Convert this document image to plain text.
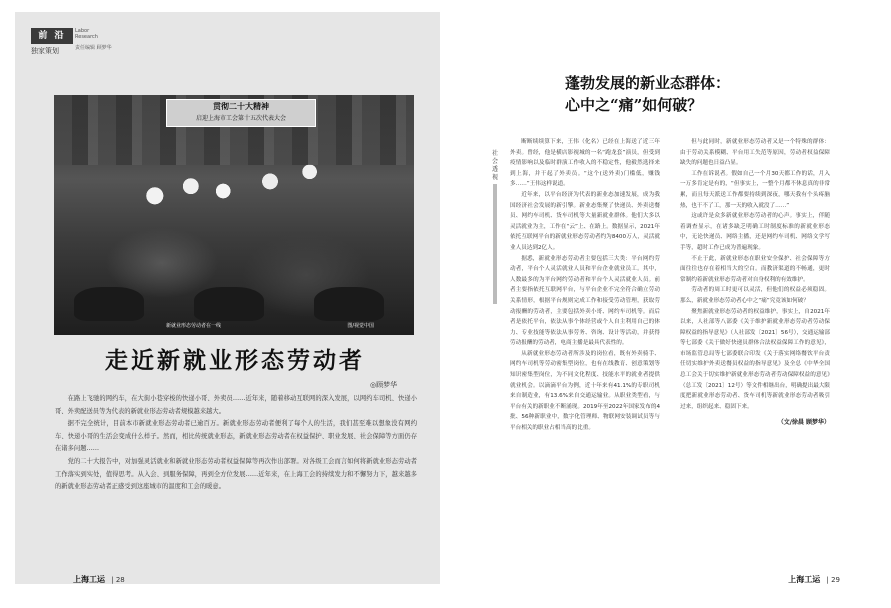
前 沿
独家策划
Labor Research
责任编辑 顾梦华
贯彻二十大精神
启迎上海市工会第十五次代表大会
新就业形态劳动者在一线	图/视觉中国
走近新就业形态劳动者
◎顾梦华

在路上飞驰的网约车，在大街小巷穿梭的快递小哥、外卖员……近年来，随着移动互联网的深入发展，以网约车司机、快递小哥、外卖配送员等为代表的新就业形态劳动者规模越来越大。

据不完全统计，目前本市新就业形态劳动者已逾百万。新就业形态劳动者便利了每个人的生活，我们甚至难以想象没有网约车、快递小哥的生活会变成什么样子。然而，相比传统就业形态，新就业形态劳动者在权益保护、职业发展、社会保障等方面仍存在诸多问题……

党的二十大报告中，对加强灵活就业和新就业形态劳动者权益保障等再次作出部署。对各级工会而言如何将新就业形态劳动者工作落实到实处，值得思考。从入会、到服务保障，再到全方位发展……近年来，在上海工会的持续发力和不懈努力下，越来越多的新就业形态劳动者正感受到这座城市的温度和工会的暖意。

上海工运 | 28
蓬勃发展的新业态群体：
心中之“痛”如何破？
社会透视

断断续续算下来，王伟（化名）已经在上海送了近三年外卖。曾经，他是横店影视城的一名“跑龙套”演员，但受到疫情影响以及临时群演工作收入的不稳定性，他毅然选择来到上海，并干起了外卖员。“这个(送外卖)门槛低，赚钱多……”王伟这样说道。

近年来，以平台经济为代表的新业态加速发展，成为我国经济社会发展的新引擎。新业态集聚了快递员、外卖送餐员、网约车司机、货车司机等大量新就业群体。他们大多以灵活就业为主，工作在“云”上、在路上。数据显示，2021年依托互联网平台的新就业形态劳动者约为8400万人，灵活就业人员达到2亿人。

据悉，新就业形态劳动者主要包括三大类：平台网约劳动者，平台个人灵活就业人员和平台企业就业员工。其中，人数最多的为平台网约劳动者和平台个人灵活就业人员。前者主要指依托互联网平台，与平台企业不完全符合确立劳动关系情形，根据平台规则完成工作和接受劳动管理，获取劳动报酬的劳动者，主要包括外卖小哥、网约车司机等。而后者是依托平台，依法从事个体经营或个人自主利用自己的体力、专业技能等依法从事劳务、咨询、设计等活动，并获得劳动报酬的劳动者，电商主播是最具代表性的。

从新就业形态劳动者所涉及的岗位看，既有外卖骑手、网约车司机等劳动密集型岗位，也有在线教育、创意策划等知识密集型岗位，为不同文化程度、技能水平的就业者提供就业机会。以滴滴平台为例，近十年来有41.1%的专职司机来自制造业，有13.6%来自交通运输业。从职业类型看，与平台有关的新职业不断涌现。2019年至2022年国家发布的4批、56种新职业中，数字化管理师、物联网安装调试员等与平台相关的职业占相当高的比重。

但与此同时，新就业形态劳动者又是一个特殊的群体：由于劳动关系模糊、平台用工失范等原因，劳动者权益保障缺失的问题也日益凸显。

工作在诉说者。假如自己一个月30天都工作的话，月入一万多肯定是有的，“但事实上，一整个月都不休息真的非常累，而且每天派送工作都要持续到深夜，哪天我有个头疼脑热，也干不了工，那一天的收入就没了……”

这或许是众多新就业形态劳动者的心声。事实上，伴随着调查显示，在诸多缺乏明确工时制度标准的新就业形态中，无论快递员、网络主播，还是网约车司机、网络文学写手等，超时工作已成为普遍现象。

不止于此，新就业形态在职业安全保护、社会保障等方面往往也存在着相当大的空白。而教济渠道的不畅通，更时常制约着新就业形态劳动者对自身权利的有效维护。

劳动者的周工时更可以灵活，但他们的权益必须稳固。那么，新就业形态劳动者心中之“痛”究竟该如何破？

聚焦新就业形态劳动者的权益维护，事实上，自2021年以来，人社部等八部委《关于维护新就业形态劳动者劳动保障权益的指导意见》（人社部发〔2021〕56号），交通运输部等七部委《关于做好快递员群体合法权益保障工作的意见》，市场监管总局等七部委联合印发《关于落实网络餐饮平台责任切实维护外卖送餐员权益的指导意见》及全总《中华全国总工会关于切实维护新就业形态劳动者劳动保障权益的意见》（总工发〔2021〕12号）等文件相继出台，明确提出最大限度把新就业形态劳动者、货车司机等新就业形态劳动者吸引过来，组织起来、稳固下来。

（文/徐晨 顾梦华）
上海工运 | 29
